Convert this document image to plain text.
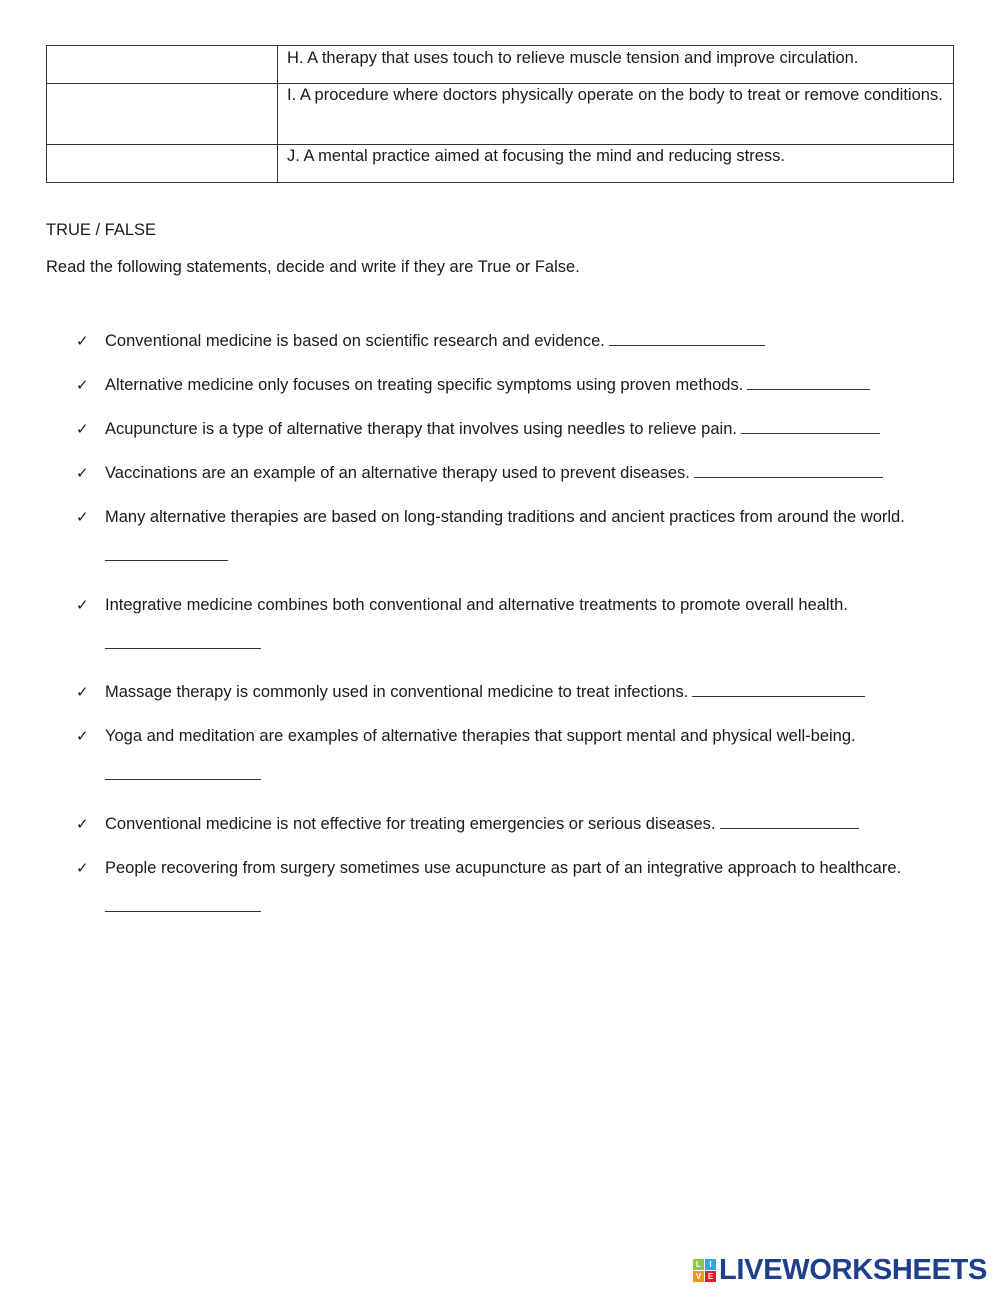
	H. A therapy that uses touch to relieve muscle tension and improve circulation.

	I. A procedure where doctors physically operate on the body to treat or remove conditions.

	J. A mental practice aimed at focusing the mind and reducing stress.
TRUE / FALSE

Read the following statements, decide and write if they are True or False.

✓ Conventional medicine is based on scientific research and evidence.
✓ Alternative medicine only focuses on treating specific symptoms using proven methods.
✓ Acupuncture is a type of alternative therapy that involves using needles to relieve pain.
✓ Vaccinations are an example of an alternative therapy used to prevent diseases.
✓ Many alternative therapies are based on long-standing traditions and ancient practices from around the world.
✓ Integrative medicine combines both conventional and alternative treatments to promote overall health.
✓ Massage therapy is commonly used in conventional medicine to treat infections.
✓ Yoga and meditation are examples of alternative therapies that support mental and physical well-being.
✓ Conventional medicine is not effective for treating emergencies or serious diseases.
✓ People recovering from surgery sometimes use acupuncture as part of an integrative approach to healthcare.
L	I
V E LIVEWORKSHEETS
